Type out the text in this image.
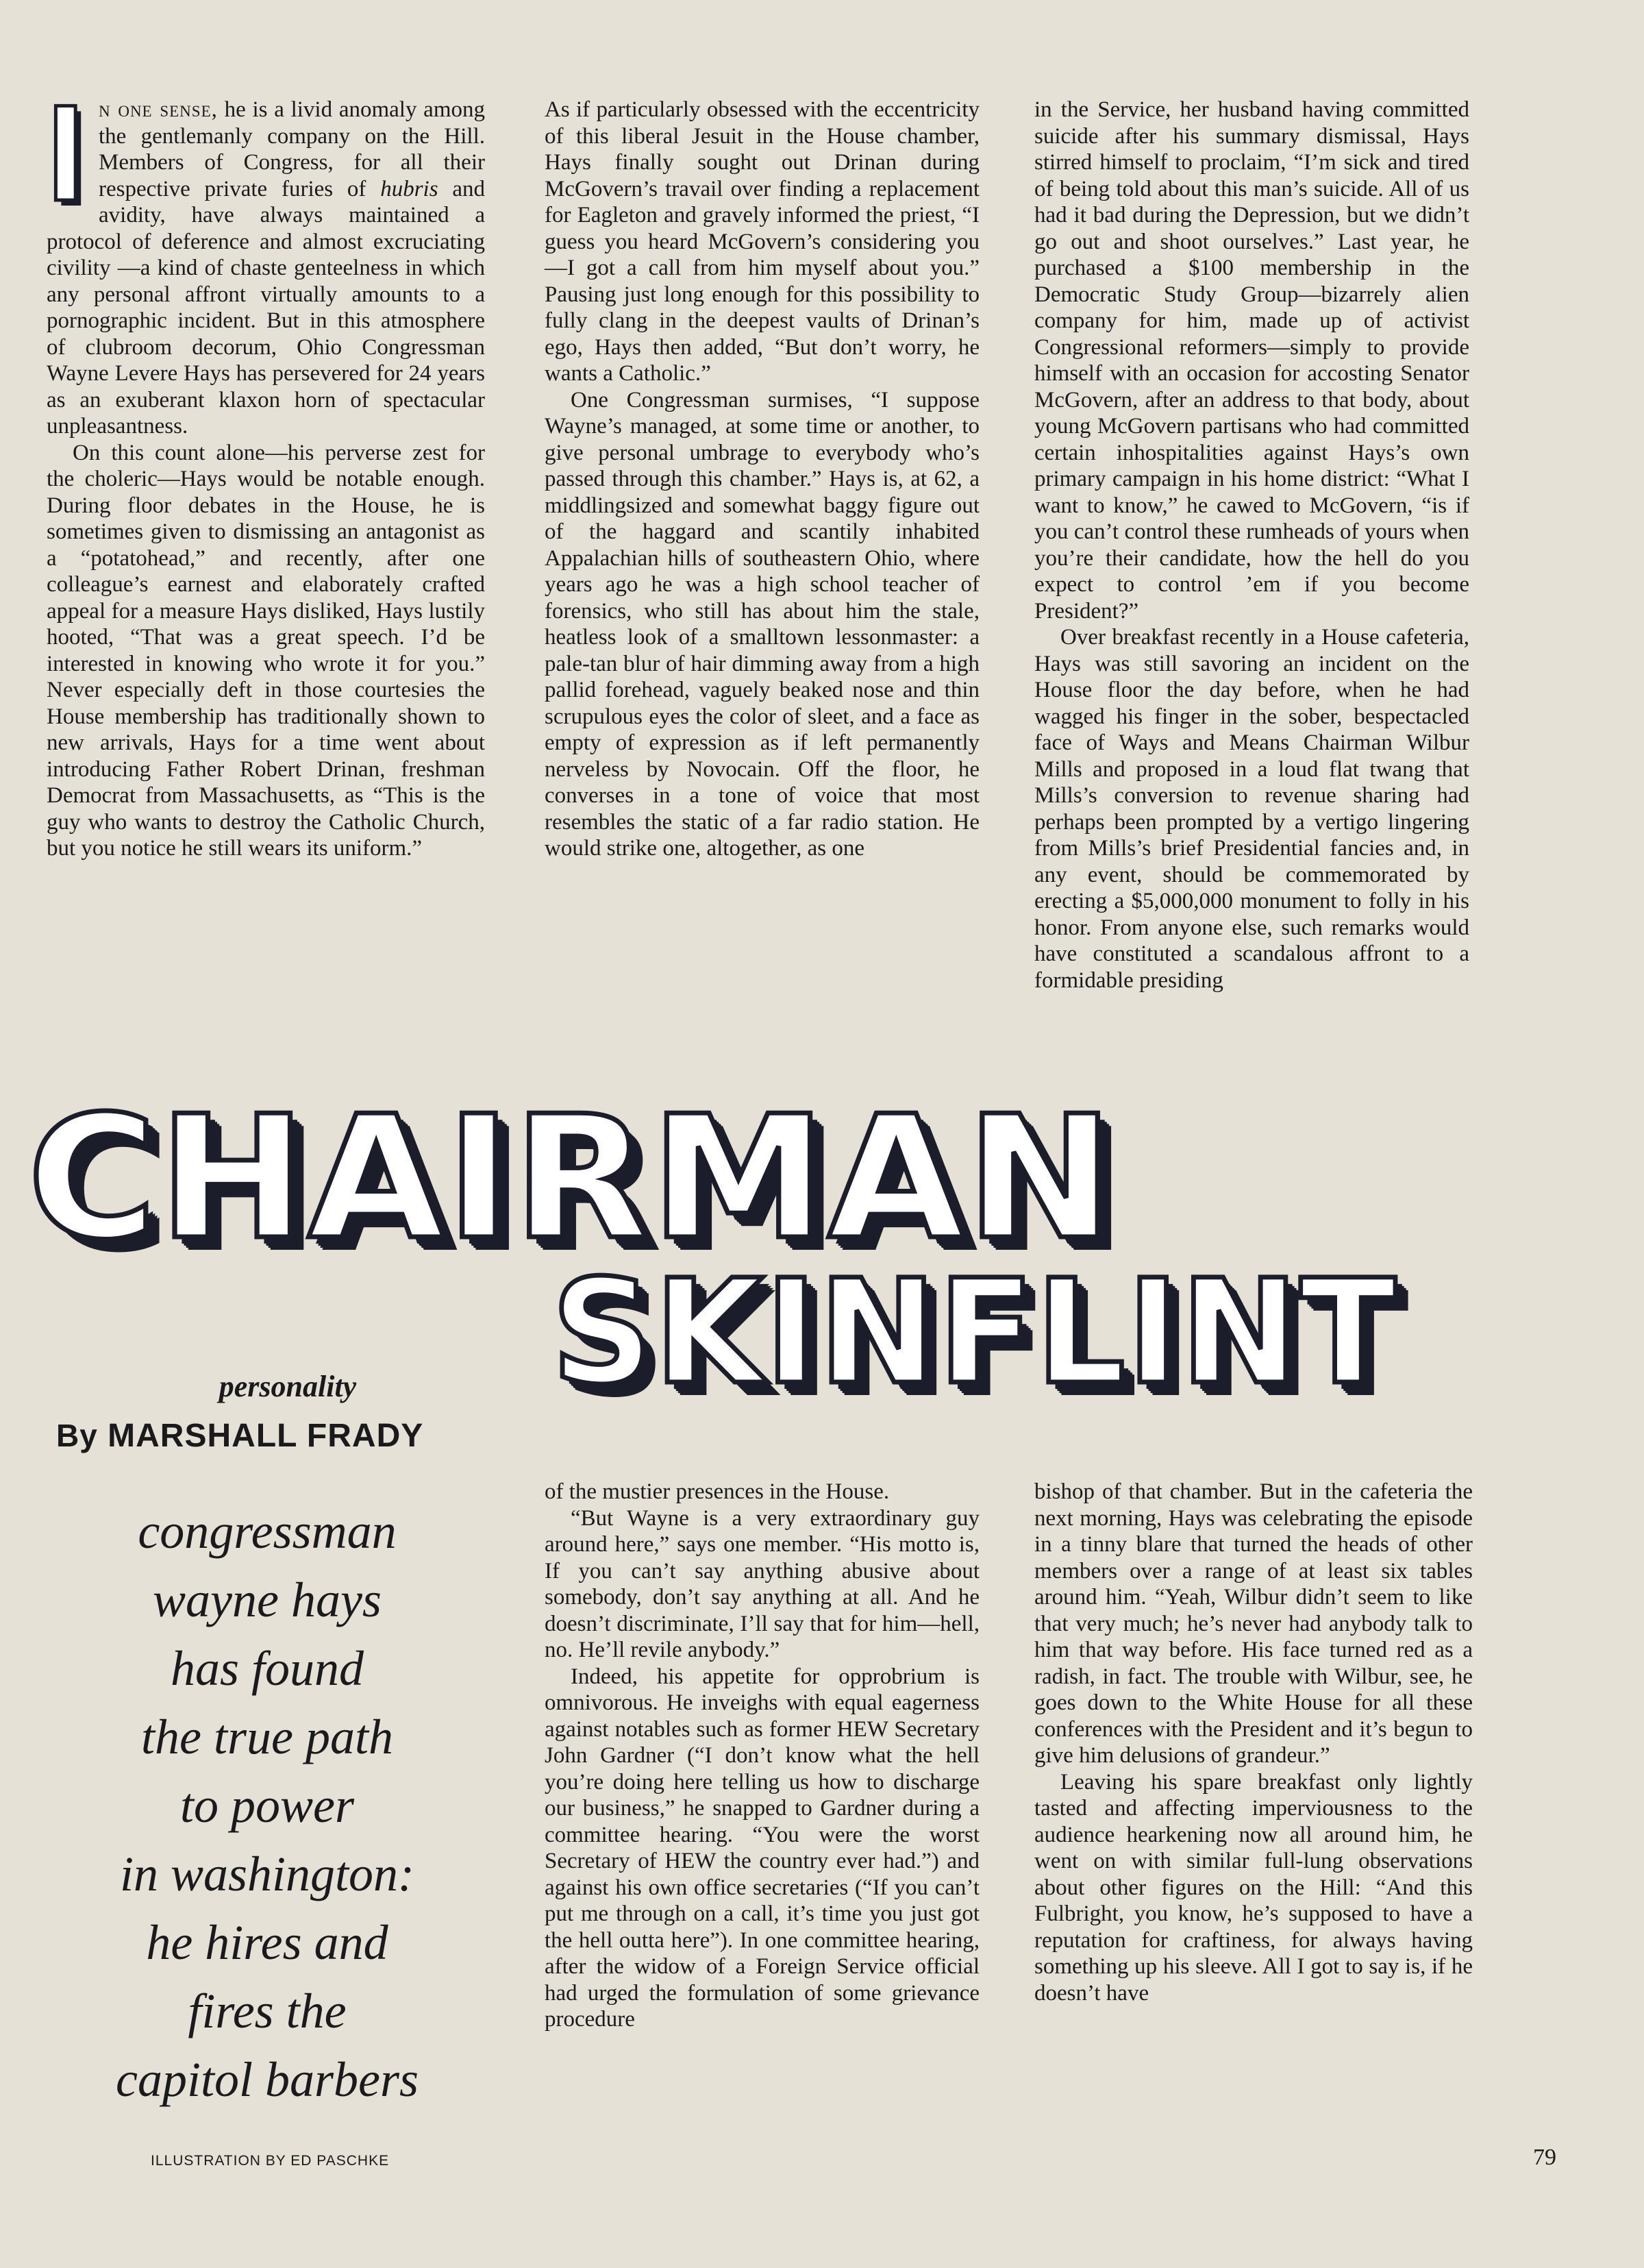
In one sense, he is a livid anomaly among the gentlemanly company on the Hill. Members of Congress, for all their respective private furies of hubris and avidity, have always maintained a protocol of deference and almost excruciating civility —a kind of chaste genteelness in which any personal affront virtually amounts to a pornographic incident. But in this atmosphere of clubroom decorum, Ohio Congressman Wayne Levere Hays has persevered for 24 years as an exuberant klaxon horn of spectacular unpleasantness.

On this count alone—his perverse zest for the choleric—Hays would be notable enough. During floor debates in the House, he is sometimes given to dismissing an antagonist as a “potatohead,” and recently, after one colleague’s earnest and elaborately crafted appeal for a measure Hays disliked, Hays lustily hooted, “That was a great speech. I’d be interested in knowing who wrote it for you.” Never especially deft in those courtesies the House membership has traditionally shown to new arrivals, Hays for a time went about introducing Father Robert Drinan, freshman Democrat from Massachusetts, as “This is the guy who wants to destroy the Catholic Church, but you notice he still wears its uniform.”

As if particularly obsessed with the eccentricity of this liberal Jesuit in the House chamber, Hays finally sought out Drinan during McGovern’s travail over finding a replacement for Eagleton and gravely informed the priest, “I guess you heard McGovern’s considering you—I got a call from him myself about you.” Pausing just long enough for this possibility to fully clang in the deepest vaults of Drinan’s ego, Hays then added, “But don’t worry, he wants a Catholic.”

One Congressman surmises, “I suppose Wayne’s managed, at some time or another, to give personal umbrage to everybody who’s passed through this chamber.” Hays is, at 62, a middlingsized and somewhat baggy figure out of the haggard and scantily inhabited Appalachian hills of southeastern Ohio, where years ago he was a high school teacher of forensics, who still has about him the stale, heatless look of a smalltown lessonmaster: a pale-tan blur of hair dimming away from a high pallid forehead, vaguely beaked nose and thin scrupulous eyes the color of sleet, and a face as empty of expression as if left permanently nerveless by Novocain. Off the floor, he converses in a tone of voice that most resembles the static of a far radio station. He would strike one, altogether, as one

in the Service, her husband having committed suicide after his summary dismissal, Hays stirred himself to proclaim, “I’m sick and tired of being told about this man’s suicide. All of us had it bad during the Depression, but we didn’t go out and shoot ourselves.” Last year, he purchased a $100 membership in the Democratic Study Group—bizarrely alien company for him, made up of activist Congressional reformers—simply to provide himself with an occasion for accosting Senator McGovern, after an address to that body, about young McGovern partisans who had committed certain inhospitalities against Hays’s own primary campaign in his home district: “What I want to know,” he cawed to McGovern, “is if you can’t control these rumheads of yours when you’re their candidate, how the hell do you expect to control ’em if you become President?”

Over breakfast recently in a House cafeteria, Hays was still savoring an incident on the House floor the day before, when he had wagged his finger in the sober, bespectacled face of Ways and Means Chairman Wilbur Mills and proposed in a loud flat twang that Mills’s conversion to revenue sharing had perhaps been prompted by a vertigo lingering from Mills’s brief Presidential fancies and, in any event, should be commemorated by erecting a $5,000,000 monument to folly in his honor. From anyone else, such remarks would have constituted a scandalous affront to a formidable presiding

CHAIRMAN
SKINFLINT
personality
By MARSHALL FRADY
congressman
wayne hays
has found
the true path
to power
in washington:
he hires and
fires the
capitol barbers

of the mustier presences in the House.

“But Wayne is a very extraordinary guy around here,” says one member. “His motto is, If you can’t say anything abusive about somebody, don’t say anything at all. And he doesn’t discriminate, I’ll say that for him—hell, no. He’ll revile anybody.”

Indeed, his appetite for opprobrium is omnivorous. He inveighs with equal eagerness against notables such as former HEW Secretary John Gardner (“I don’t know what the hell you’re doing here telling us how to discharge our business,” he snapped to Gardner during a committee hearing. “You were the worst Secretary of HEW the country ever had.”) and against his own office secretaries (“If you can’t put me through on a call, it’s time you just got the hell outta here”). In one committee hearing, after the widow of a Foreign Service official had urged the formulation of some grievance procedure

bishop of that chamber. But in the cafeteria the next morning, Hays was celebrating the episode in a tinny blare that turned the heads of other members over a range of at least six tables around him. “Yeah, Wilbur didn’t seem to like that very much; he’s never had anybody talk to him that way before. His face turned red as a radish, in fact. The trouble with Wilbur, see, he goes down to the White House for all these conferences with the President and it’s begun to give him delusions of grandeur.”

Leaving his spare breakfast only lightly tasted and affecting imperviousness to the audience hearkening now all around him, he went on with similar full-lung observations about other figures on the Hill: “And this Fulbright, you know, he’s supposed to have a reputation for craftiness, for always having something up his sleeve. All I got to say is, if he doesn’t have

ILLUSTRATION BY ED PASCHKE	79
